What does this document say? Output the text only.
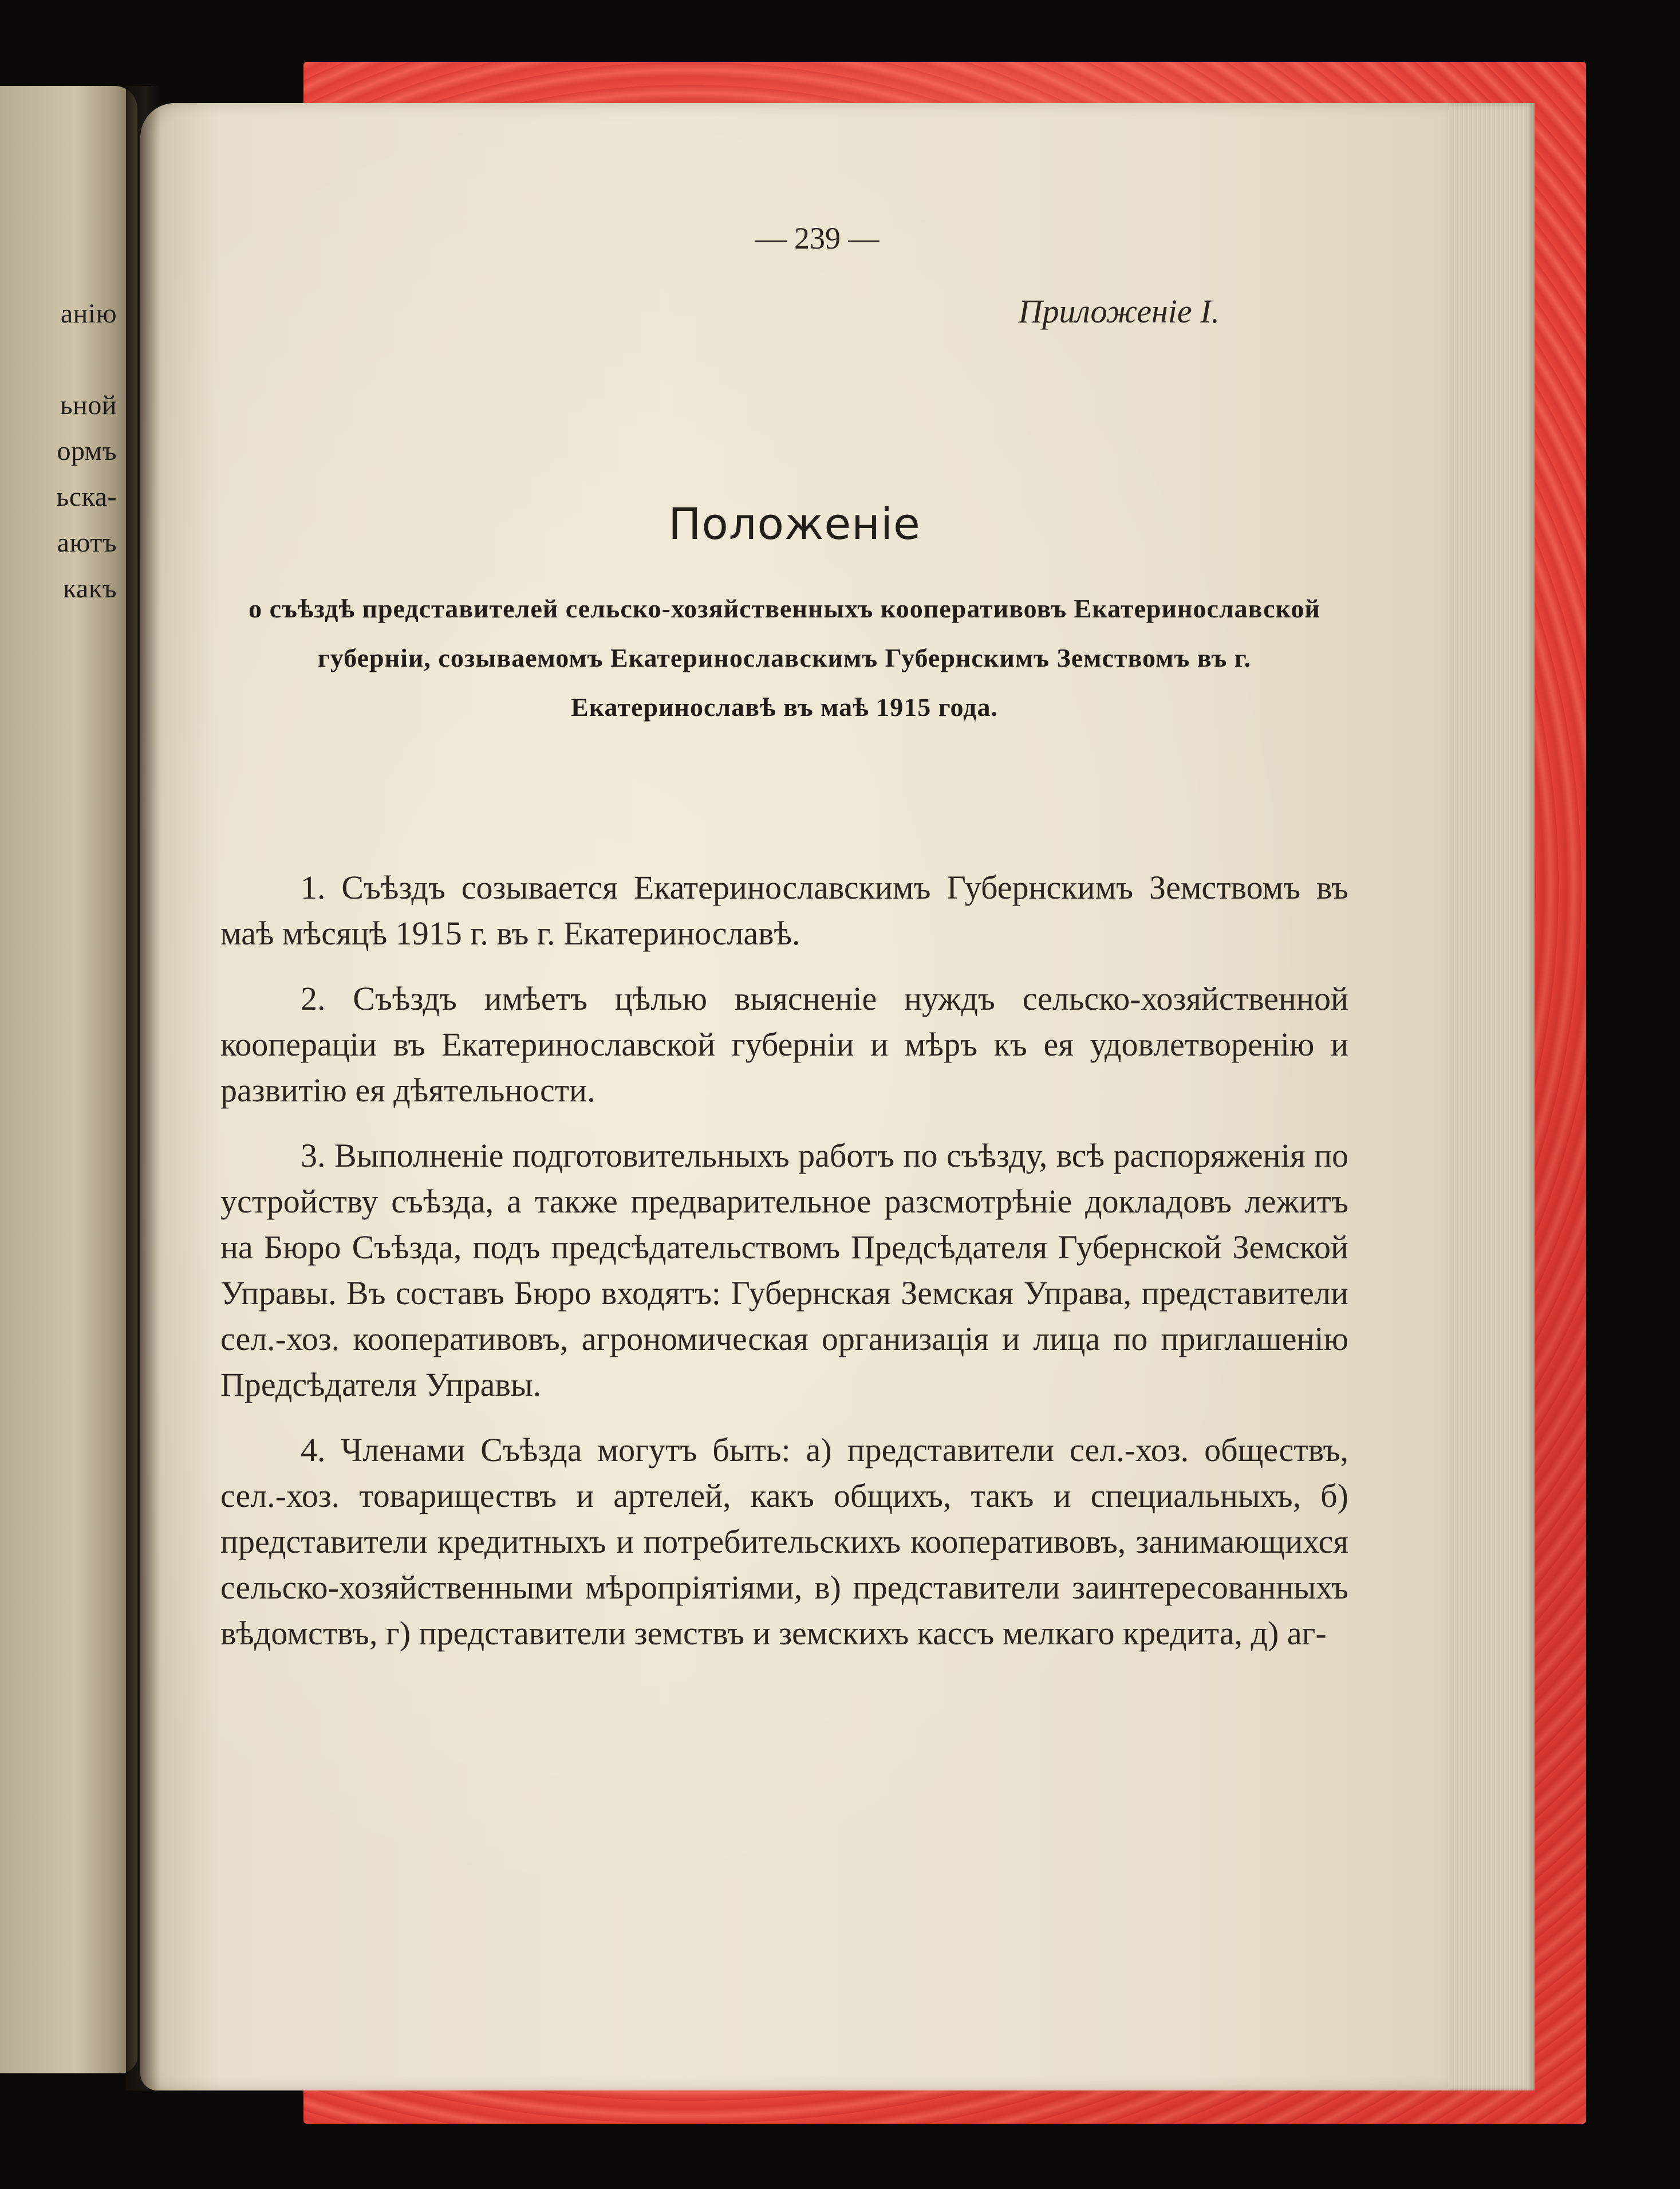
анію
ьной
ормъ
ьска-
аютъ
какъ
— 239 —
Приложенiе I.
Положенiе
о съѣздѣ представителей сельско-хозяйственныхъ кооперативовъ Екатеринославской губернiи, созываемомъ Екатеринославскимъ Губернскимъ Земствомъ въ г. Екатеринославѣ въ маѣ 1915 года.

1. Съѣздъ созывается Екатеринославскимъ Губернскимъ Земствомъ въ маѣ мѣсяцѣ 1915 г. въ г. Екатеринославѣ.

2. Съѣздъ имѣетъ цѣлью выясненiе нуждъ сельско-хозяйственной кооперацiи въ Екатеринославской губернiи и мѣръ къ ея удовлетворенiю и развитiю ея дѣятельности.

3. Выполненiе подготовительныхъ работъ по съѣзду, всѣ распоряженiя по устройству съѣзда, а также предварительное разсмотрѣнiе докладовъ лежитъ на Бюро Съѣзда, подъ предсѣдательствомъ Предсѣдателя Губернской Земской Управы. Въ составъ Бюро входятъ: Губернская Земская Управа, представители сел.-хоз. кооперативовъ, агрономическая организацiя и лица по приглашенiю Предсѣдателя Управы.

4. Членами Съѣзда могутъ быть: а) представители сел.-хоз. обществъ, сел.-хоз. товариществъ и артелей, какъ общихъ, такъ и специальныхъ, б) представители кредитныхъ и потребительскихъ кооперативовъ, занимающихся сельско-хозяйственными мѣропрiятiями, в) представители заинтересованныхъ вѣдомствъ, г) представители земствъ и земскихъ кассъ мелкаго кредита, д) аг-
